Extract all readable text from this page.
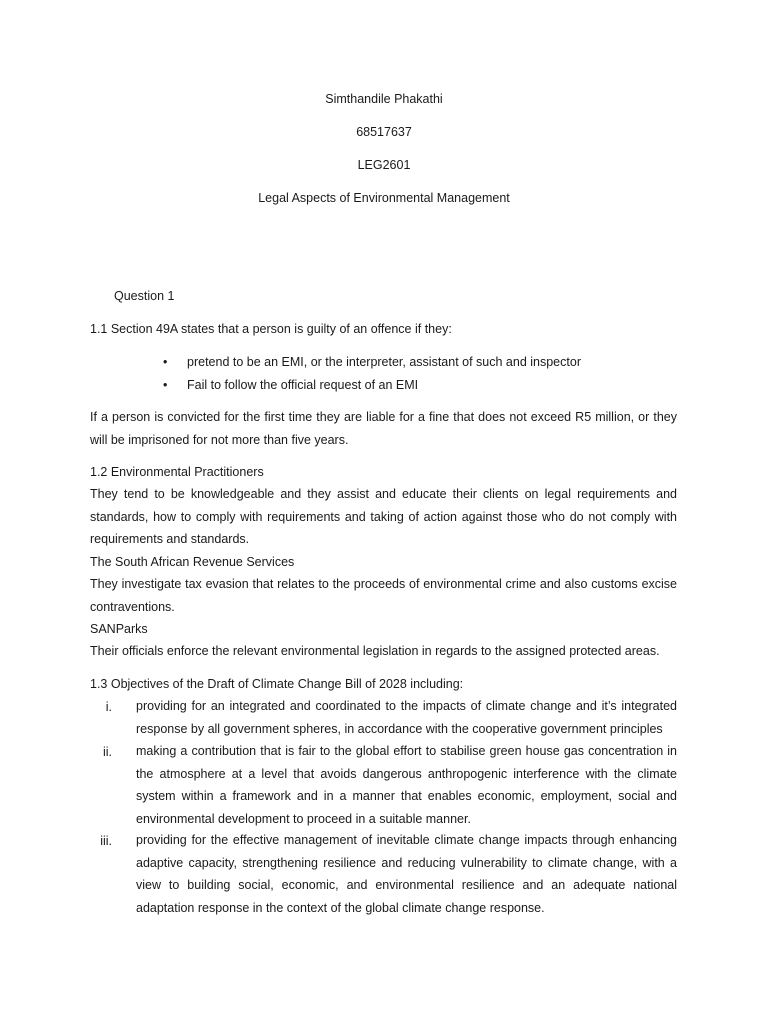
Simthandile Phakathi
68517637
LEG2601
Legal Aspects of Environmental Management
Question 1
1.1 Section 49A states that a person is guilty of an offence if they:
• pretend to be an EMI, or the interpreter, assistant of such and inspector
• Fail to follow the official request of an EMI
If a person is convicted for the first time they are liable for a fine that does not exceed R5 million, or they will be imprisoned for not more than five years.
1.2 Environmental Practitioners
They tend to be knowledgeable and they assist and educate their clients on legal requirements and standards, how to comply with requirements and taking of action against those who do not comply with requirements and standards.
The South African Revenue Services
They investigate tax evasion that relates to the proceeds of environmental crime and also customs excise contraventions.
SANParks
Their officials enforce the relevant environmental legislation in regards to the assigned protected areas.
1.3 Objectives of the Draft of Climate Change Bill of 2028 including:
i. providing for an integrated and coordinated to the impacts of climate change and it’s integrated response by all government spheres, in accordance with the cooperative government principles
ii. making a contribution that is fair to the global effort to stabilise green house gas concentration in the atmosphere at a level that avoids dangerous anthropogenic interference with the climate system within a framework and in a manner that enables economic, employment, social and environmental development to proceed in a suitable manner.
iii. providing for the effective management of inevitable climate change impacts through enhancing adaptive capacity, strengthening resilience and reducing vulnerability to climate change, with a view to building social, economic, and environmental resilience and an adequate national adaptation response in the context of the global climate change response.
